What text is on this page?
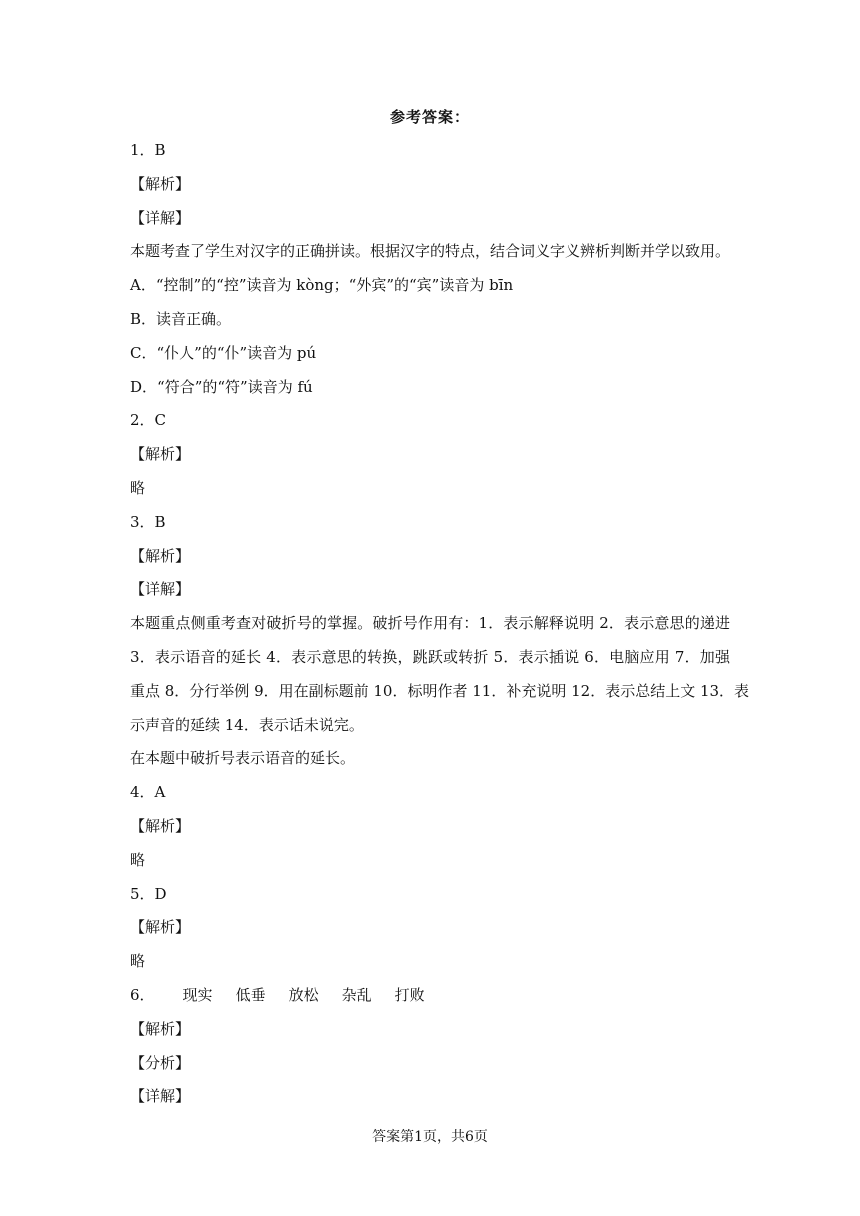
参考答案：
1．B
【解析】
【详解】
本题考查了学生对汉字的正确拼读。根据汉字的特点，结合词义字义辨析判断并学以致用。
A．“控制”的“控”读音为 kòng；“外宾”的“宾”读音为 bīn
B．读音正确。
C．“仆人”的“仆”读音为 pú
D．“符合”的“符”读音为 fú
2．C
【解析】
略
3．B
【解析】
【详解】
本题重点侧重考查对破折号的掌握。破折号作用有：1．表示解释说明 2．表示意思的递进
3．表示语音的延长 4．表示意思的转换，跳跃或转折 5．表示插说 6．电脑应用 7．加强
重点 8．分行举例 9．用在副标题前 10．标明作者 11．补充说明 12．表示总结上文 13．表
示声音的延续 14．表示话未说完。
在本题中破折号表示语音的延长。
4．A
【解析】
略
5．D
【解析】
略
6． 现实 低垂 放松 杂乱 打败
【解析】
【分析】
【详解】
答案第1页，共6页
